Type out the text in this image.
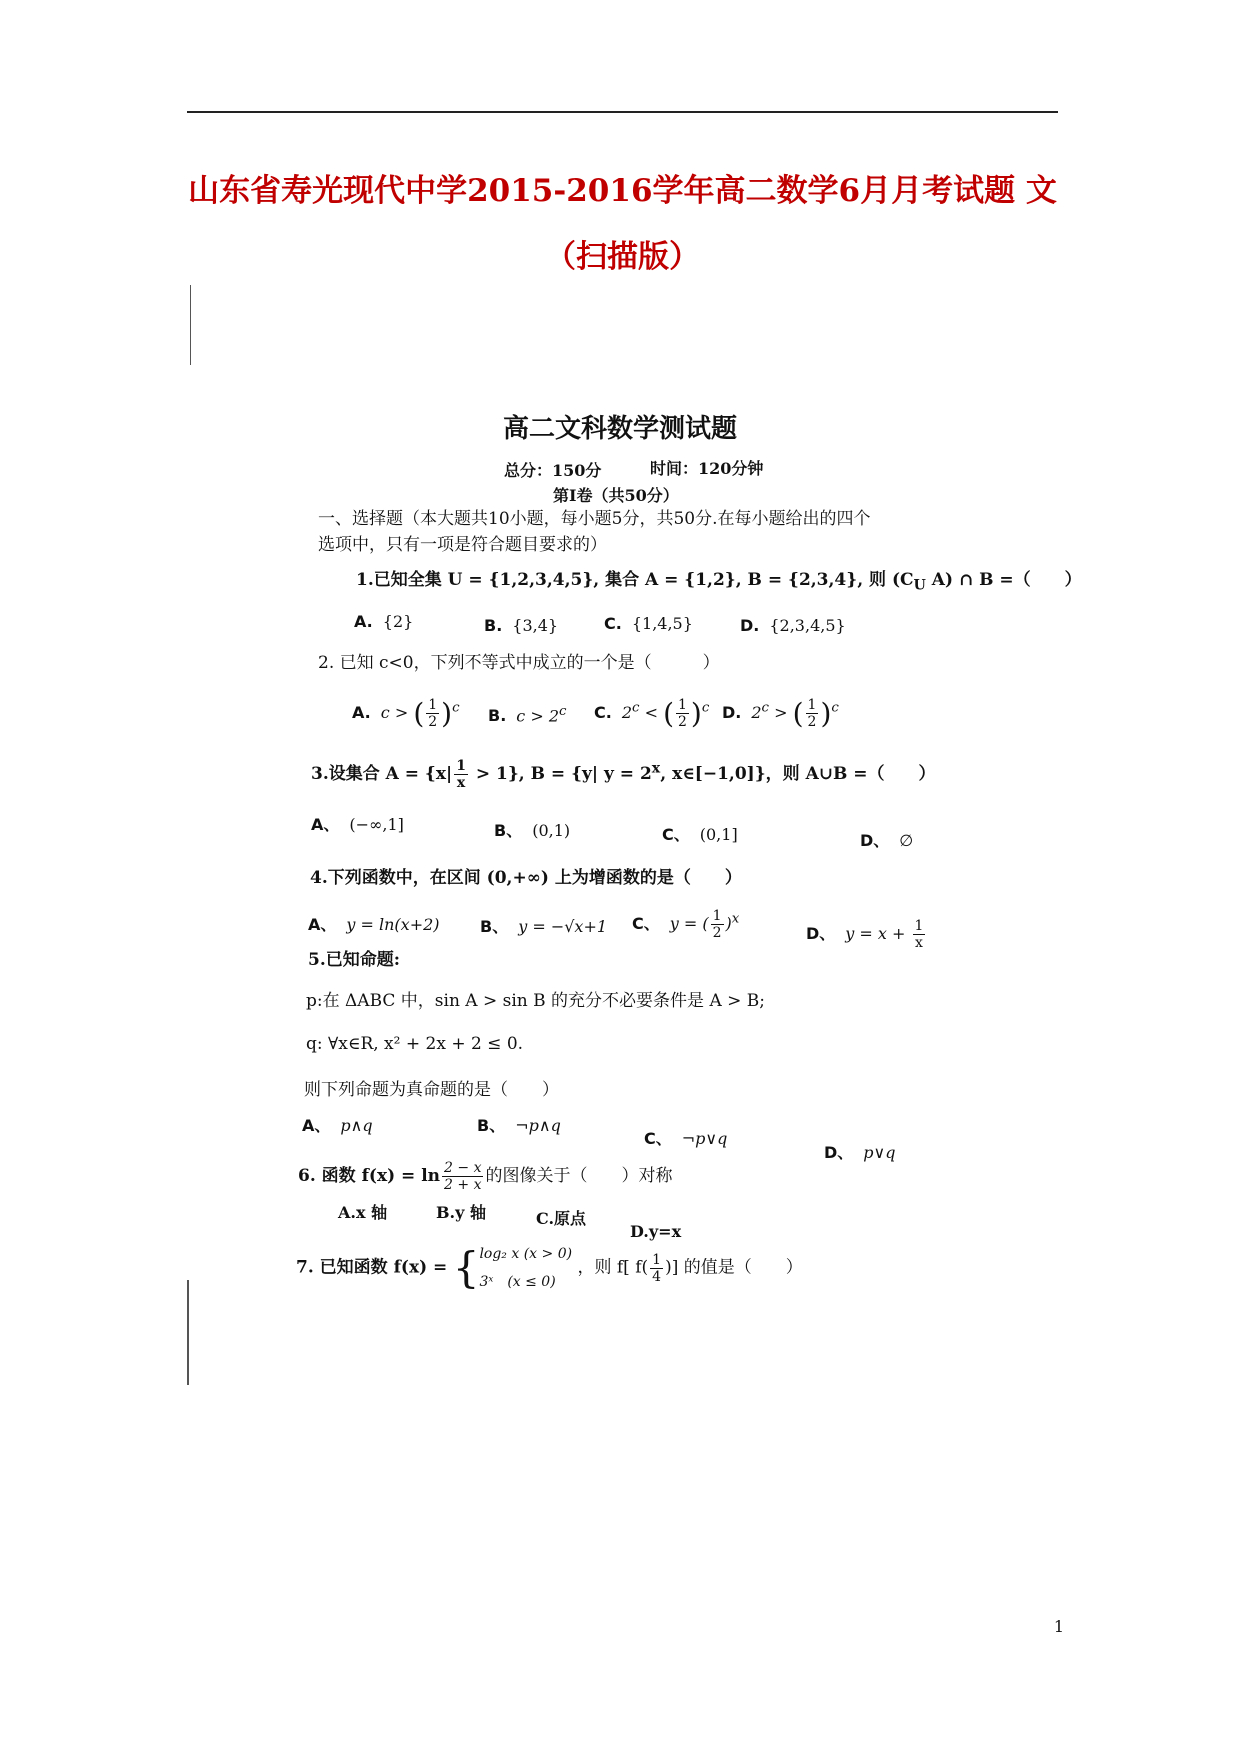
山东省寿光现代中学2015-2016学年高二数学6月月考试题 文（扫描版）
高二文科数学测试题
总分：150分	时间：120分钟
第Ⅰ卷（共50分）
一、选择题（本大题共10小题，每小题5分，共50分.在每小题给出的四个
选项中，只有一项是符合题目要求的）
1.已知全集 U = {1,2,3,4,5}, 集合 A = {1,2}, B = {2,3,4}, 则 ($C_U$ A) ∩ B =（　　）
A. {2}	B. {3,4}	C. {1,4,5}	D. {2,3,4,5}
2. 已知 c<0，下列不等式中成立的一个是（　　　）
A. c > ( $\frac{1}{2} )^c$ B. $c > 2^c$ C. $2^c$ < ( $\frac{1}{2} )^c$ D. $2^c$ > ( $\frac{1}{2} )^c$
3.设集合 $A = \{x| \frac{1}{x} > 1\}$, B = {y| $y = 2^x$, x∈[−1,0]}，则 A∪B =（　　）
A、 (−∞,1]	B、 (0,1)	C、 (0,1]	D、 ∅
4.下列函数中，在区间 (0,+∞) 上为增函数的是（　　）
A、 y = ln(x+2)	B、 y = −√x+1 C、 y = ( $\frac{1}{2} )^x$
D、 $y = x + \frac{1}{x}$
5.已知命题:
p:在 ΔABC 中，sin A > sin B 的充分不必要条件是 A > B;
q: ∀x∈R, x² + 2x + 2 ≤ 0.
则下列命题为真命题的是（　　）
A、 p∧q	B、 ¬p∧q
C、 ¬p∨q
D、 p∨q
6. 函数 $f(x) = \ln \frac{2 - x}{2 + x}$ 的图像关于（　　）对称
A.x 轴	B.y 轴	C.原点
D.y=x
7. 已知函数 f(x) = {log₂ x (x > 0)
3ˣ　(x ≤ 0) ，则 f[ $f( \frac{1}{4}$ )] 的值是（　　）
1
